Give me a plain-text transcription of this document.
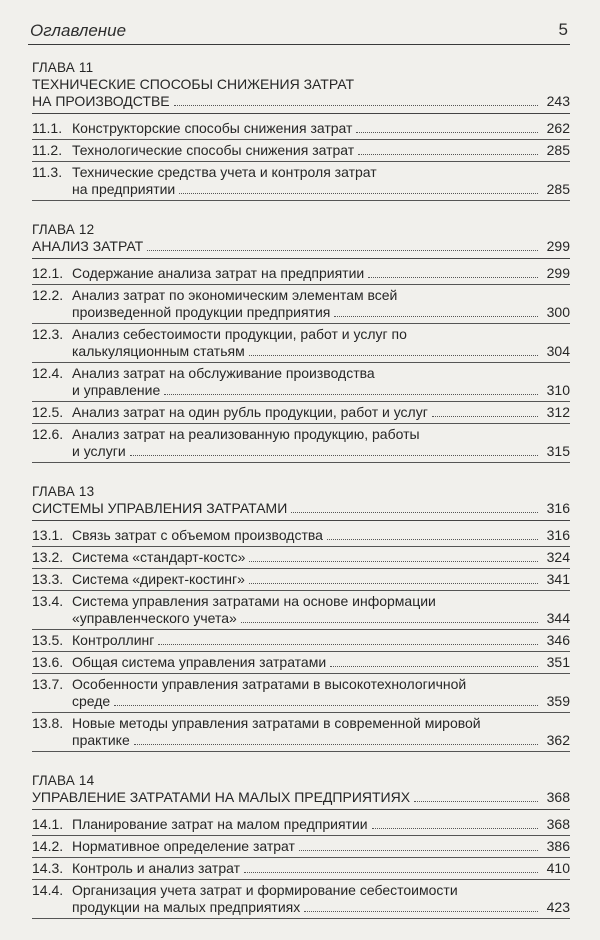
Оглавление	5
ГЛАВА 11
ТЕХНИЧЕСКИЕ СПОСОБЫ СНИЖЕНИЯ ЗАТРАТ
НА ПРОИЗВОДСТВЕ	243
11.1. Конструкторские способы снижения затрат	262
11.2. Технологические способы снижения затрат	285
11.3. Технические средства учета и контроля затрат
на предприятии	285
ГЛАВА 12
АНАЛИЗ ЗАТРАТ	299
12.1. Содержание анализа затрат на предприятии	299
12.2. Анализ затрат по экономическим элементам всей
произведенной продукции предприятия	300
12.3. Анализ себестоимости продукции, работ и услуг по
калькуляционным статьям	304
12.4. Анализ затрат на обслуживание производства
и управление	310
12.5. Анализ затрат на один рубль продукции, работ и услуг	312
12.6. Анализ затрат на реализованную продукцию, работы
и услуги	315
ГЛАВА 13
СИСТЕМЫ УПРАВЛЕНИЯ ЗАТРАТАМИ	316
13.1. Связь затрат с объемом производства	316
13.2. Система «стандарт-костс»	324
13.3. Система «директ-костинг»	341
13.4. Система управления затратами на основе информации
«управленческого учета»	344
13.5. Контроллинг	346
13.6. Общая система управления затратами	351
13.7. Особенности управления затратами в высокотехнологичной
среде	359
13.8. Новые методы управления затратами в современной мировой
практике	362
ГЛАВА 14
УПРАВЛЕНИЕ ЗАТРАТАМИ НА МАЛЫХ ПРЕДПРИЯТИЯХ	368
14.1. Планирование затрат на малом предприятии	368
14.2. Нормативное определение затрат	386
14.3. Контроль и анализ затрат	410
14.4. Организация учета затрат и формирование себестоимости
продукции на малых предприятиях	423
